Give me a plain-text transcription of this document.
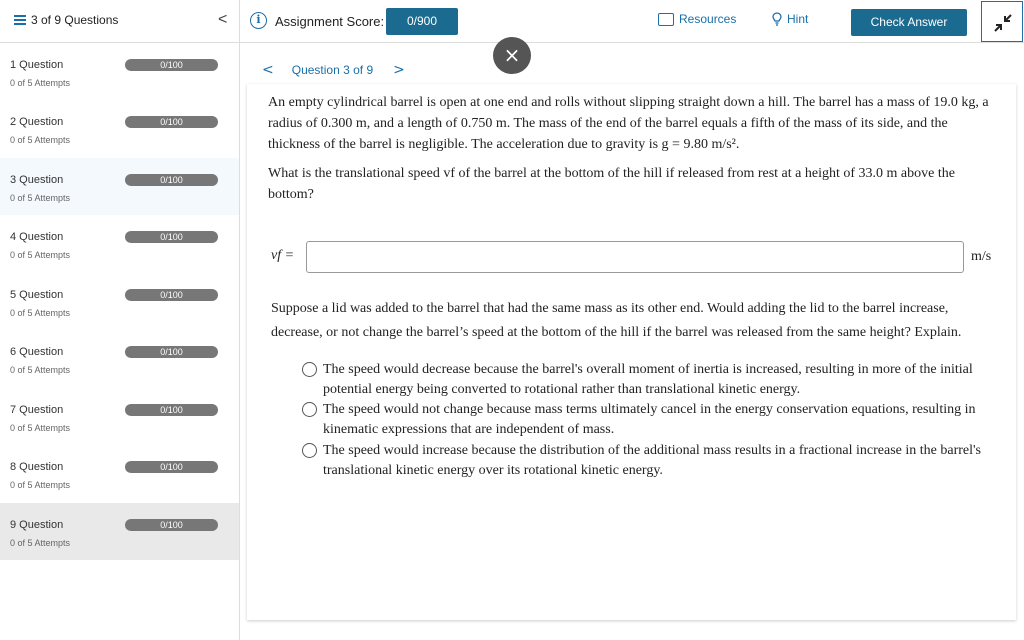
3 of 9 Questions	<	i	Assignment Score:	0/900	Resources	Hint	Check Answer
1 Question
0 of 5 Attempts
0/100
2 Question
0 of 5 Attempts
0/100
3 Question
0 of 5 Attempts
0/100
4 Question
0 of 5 Attempts
0/100
5 Question
0 of 5 Attempts
0/100
6 Question
0 of 5 Attempts
0/100
7 Question
0 of 5 Attempts
0/100
8 Question
0 of 5 Attempts
0/100
9 Question
0 of 5 Attempts
0/100
< Question 3 of 9 >

An empty cylindrical barrel is open at one end and rolls without slipping straight down a hill. The barrel has a mass of 19.0 kg, a radius of 0.300 m, and a length of 0.750 m. The mass of the end of the barrel equals a fifth of the mass of its side, and the thickness of the barrel is negligible. The acceleration due to gravity is g = 9.80 m/s².

What is the translational speed vf of the barrel at the bottom of the hill if released from rest at a height of 33.0 m above the bottom?

vf =	m/s

Suppose a lid was added to the barrel that had the same mass as its other end. Would adding the lid to the barrel increase, decrease, or not change the barrel’s speed at the bottom of the hill if the barrel was released from the same height? Explain.

The speed would decrease because the barrel's overall moment of inertia is increased, resulting in more of the initial potential energy being converted to rotational rather than translational kinetic energy.
The speed would not change because mass terms ultimately cancel in the energy conservation equations, resulting in kinematic expressions that are independent of mass.
The speed would increase because the distribution of the additional mass results in a fractional increase in the barrel's translational kinetic energy over its rotational kinetic energy.
×
